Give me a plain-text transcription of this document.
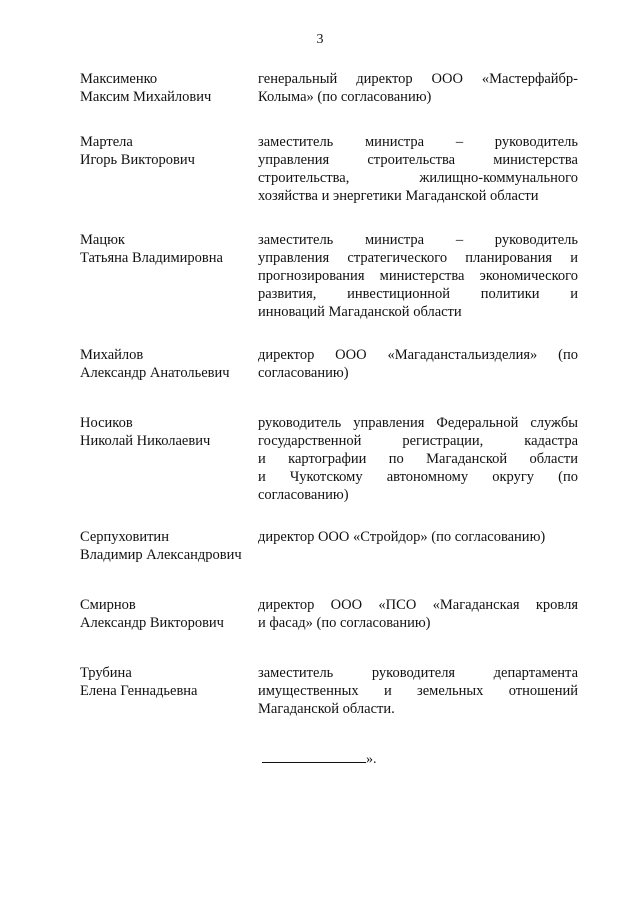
3
Максименко
Максим Михайлович
генеральный директор ООО «Мастерфайбр-
Колыма» (по согласованию)
Мартела
Игорь Викторович
заместитель министра – руководитель
управления строительства министерства
строительства, жилищно-коммунального
хозяйства и энергетики Магаданской области
Мацюк
Татьяна Владимировна
заместитель министра – руководитель
управления стратегического планирования и
прогнозирования министерства экономического
развития, инвестиционной политики и
инноваций Магаданской области
Михайлов
Александр Анатольевич
директор ООО «Магаданстальизделия» (по
согласованию)
Носиков
Николай Николаевич
руководитель управления Федеральной службы
государственной регистрации, кадастра
и картографии по Магаданской области
и Чукотскому автономному округу (по
согласованию)
Серпуховитин
Владимир Александрович
директор ООО «Стройдор» (по согласованию)
Смирнов
Александр Викторович
директор ООО «ПСО «Магаданская кровля
и фасад» (по согласованию)
Трубина
Елена Геннадьевна
заместитель руководителя департамента
имущественных и земельных отношений
Магаданской области.
».
